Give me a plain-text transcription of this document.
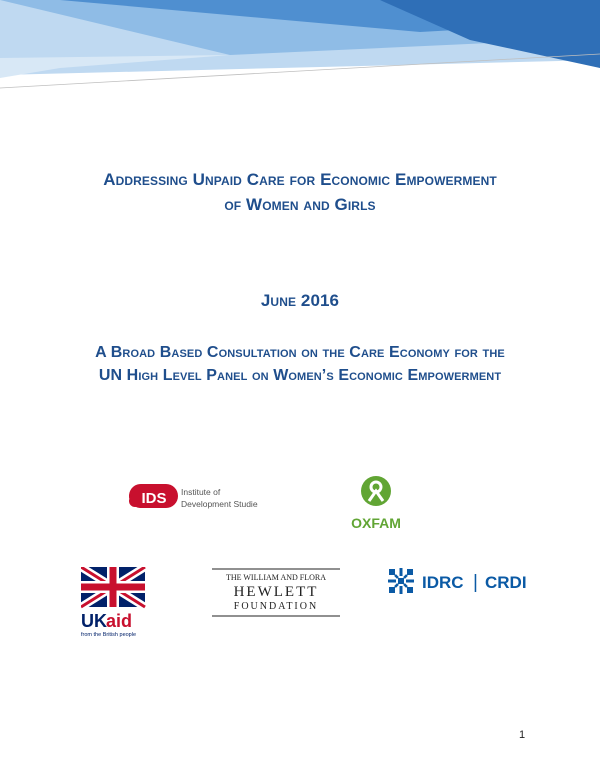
Addressing Unpaid Care for Economic Empowerment
of Women and Girls
June 2016
A Broad Based Consultation on the Care Economy for the
UN High Level Panel on Women’s Economic Empowerment
IDS Institute of
Development Studies
OXFAM
UK aid
from the British people
THE WILLIAM AND FLORA
HEWLETT
FOUNDATION
IDRC | CRDI
1
